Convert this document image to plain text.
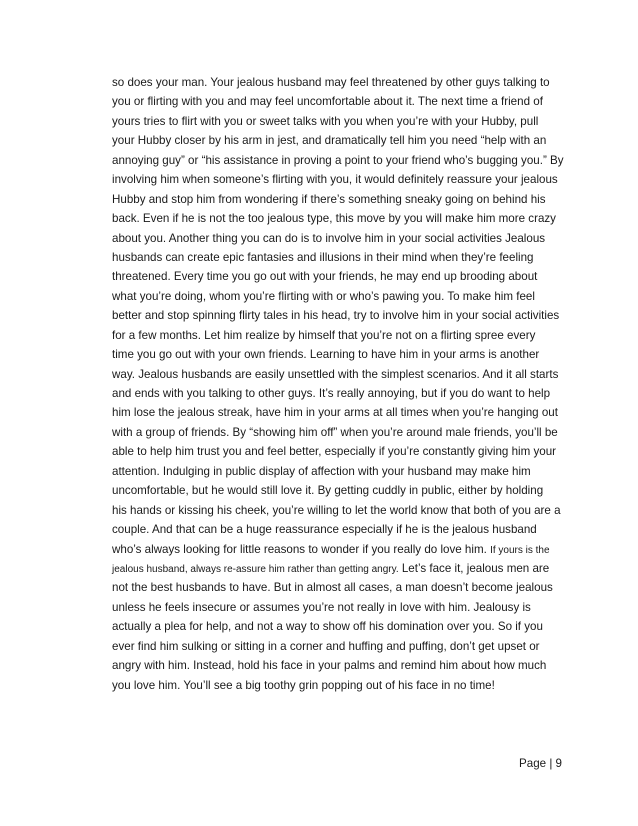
so does your man. Your jealous husband may feel threatened by other guys talking to
you or flirting with you and may feel uncomfortable about it. The next time a friend of
yours tries to flirt with you or sweet talks with you when you’re with your Hubby, pull
your Hubby closer by his arm in jest, and dramatically tell him you need “help with an
annoying guy” or “his assistance in proving a point to your friend who’s bugging you.” By
involving him when someone’s flirting with you, it would definitely reassure your jealous
Hubby and stop him from wondering if there’s something sneaky going on behind his
back. Even if he is not the too jealous type, this move by you will make him more crazy
about you. Another thing you can do is to involve him in your social activities Jealous
husbands can create epic fantasies and illusions in their mind when they’re feeling
threatened. Every time you go out with your friends, he may end up brooding about
what you’re doing, whom you’re flirting with or who’s pawing you. To make him feel
better and stop spinning flirty tales in his head, try to involve him in your social activities
for a few months. Let him realize by himself that you’re not on a flirting spree every
time you go out with your own friends. Learning to have him in your arms is another
way. Jealous husbands are easily unsettled with the simplest scenarios. And it all starts
and ends with you talking to other guys. It’s really annoying, but if you do want to help
him lose the jealous streak, have him in your arms at all times when you’re hanging out
with a group of friends. By “showing him off” when you’re around male friends, you’ll be
able to help him trust you and feel better, especially if you’re constantly giving him your
attention. Indulging in public display of affection with your husband may make him
uncomfortable, but he would still love it. By getting cuddly in public, either by holding
his hands or kissing his cheek, you’re willing to let the world know that both of you are a
couple. And that can be a huge reassurance especially if he is the jealous husband
who’s always looking for little reasons to wonder if you really do love him. If yours is the
jealous husband, always re-assure him rather than getting angry. Let’s face it, jealous men are
not the best husbands to have. But in almost all cases, a man doesn’t become jealous
unless he feels insecure or assumes you’re not really in love with him. Jealousy is
actually a plea for help, and not a way to show off his domination over you. So if you
ever find him sulking or sitting in a corner and huffing and puffing, don’t get upset or
angry with him. Instead, hold his face in your palms and remind him about how much
you love him. You’ll see a big toothy grin popping out of his face in no time!
Page | 9
